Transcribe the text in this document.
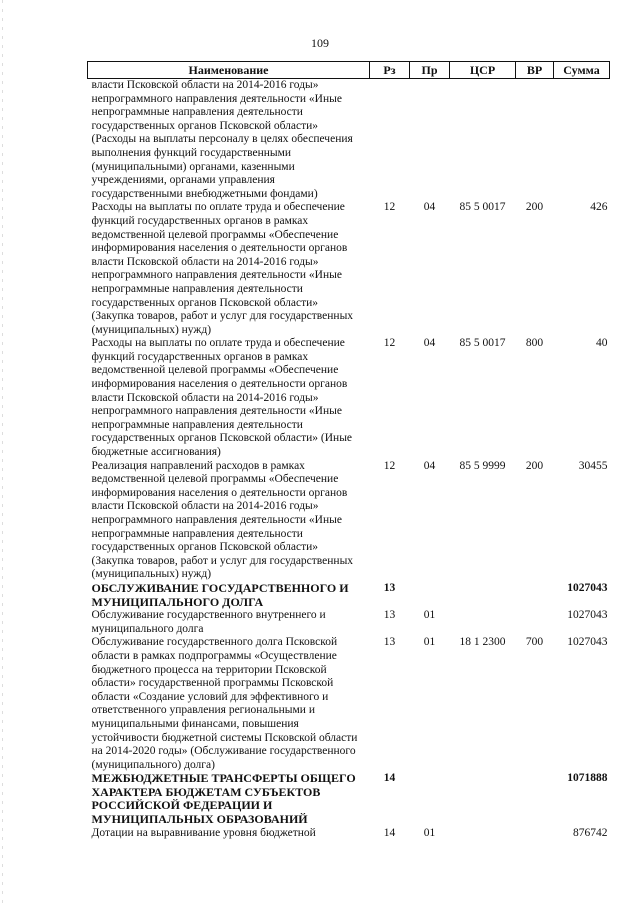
109
Наименование	Рз	Пр	ЦСР	ВР	Сумма
власти Псковской области на 2014-2016 годы» непрограммного направления деятельности «Иные непрограммные направления деятельности государственных органов Псковской области» (Расходы на выплаты персоналу в целях обеспечения выполнения функций государственными (муниципальными) органами, казенными учреждениями, органами управления государственными внебюджетными фондами)					
Расходы на выплаты по оплате труда и обеспечение функций государственных органов в рамках ведомственной целевой программы «Обеспечение информирования населения о деятельности органов власти Псковской области на 2014-2016 годы» непрограммного направления деятельности «Иные непрограммные направления деятельности государственных органов Псковской области» (Закупка товаров, работ и услуг для государственных (муниципальных) нужд)	12	04	85 5 0017	200	426
Расходы на выплаты по оплате труда и обеспечение функций государственных органов в рамках ведомственной целевой программы «Обеспечение информирования населения о деятельности органов власти Псковской области на 2014-2016 годы» непрограммного направления деятельности «Иные непрограммные направления деятельности государственных органов Псковской области» (Иные бюджетные ассигнования)	12	04	85 5 0017	800	40
Реализация направлений расходов в рамках ведомственной целевой программы «Обеспечение информирования населения о деятельности органов власти Псковской области на 2014-2016 годы» непрограммного направления деятельности «Иные непрограммные направления деятельности государственных органов Псковской области» (Закупка товаров, работ и услуг для государственных (муниципальных) нужд)	12	04	85 5 9999	200	30455
ОБСЛУЖИВАНИЕ ГОСУДАРСТВЕННОГО И МУНИЦИПАЛЬНОГО ДОЛГА	13				1027043
Обслуживание государственного внутреннего и муниципального долга	13	01			1027043
Обслуживание государственного долга Псковской области в рамках подпрограммы «Осуществление бюджетного процесса на территории Псковской области» государственной программы Псковской области «Создание условий для эффективного и ответственного управления региональными и муниципальными финансами, повышения устойчивости бюджетной системы Псковской области на 2014-2020 годы» (Обслуживание государственного (муниципального) долга)	13	01	18 1 2300	700	1027043
МЕЖБЮДЖЕТНЫЕ ТРАНСФЕРТЫ ОБЩЕГО ХАРАКТЕРА БЮДЖЕТАМ СУБЪЕКТОВ РОССИЙСКОЙ ФЕДЕРАЦИИ И МУНИЦИПАЛЬНЫХ ОБРАЗОВАНИЙ	14				1071888
Дотации на выравнивание уровня бюджетной	14	01			876742
